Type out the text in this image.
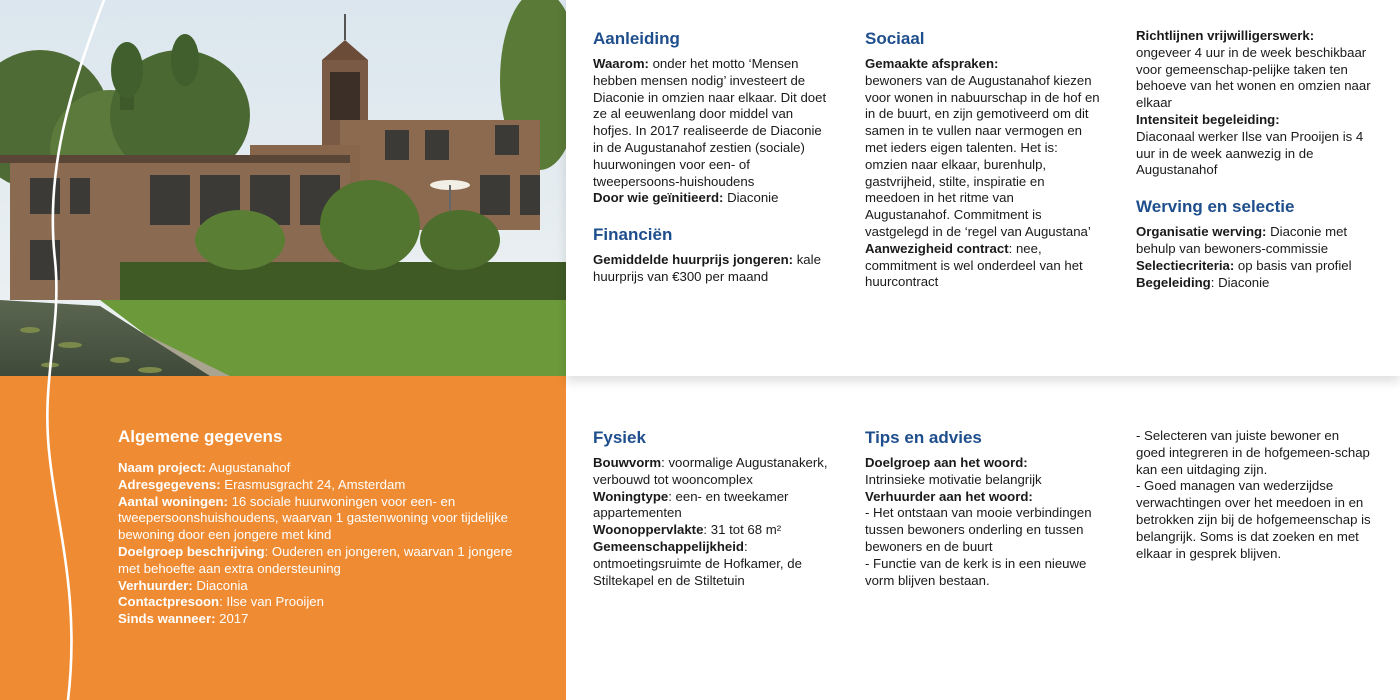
Algemene gegevens

Naam project: Augustanahof

Adresgegevens: Erasmusgracht 24, Amsterdam

Aantal woningen: 16 sociale huurwoningen voor een- en tweepersoonshuishoudens, waarvan 1 gastenwoning voor tijdelijke bewoning door een jongere met kind

Doelgroep beschrijving: Ouderen en jongeren, waarvan 1 jongere met behoefte aan extra ondersteuning

Verhuurder: Diaconia

Contactpresoon: Ilse van Prooijen

Sinds wanneer: 2017

Aanleiding

Waarom: onder het motto ‘Mensen hebben mensen nodig’ investeert de Diaconie in omzien naar elkaar. Dit doet ze al eeuwenlang door middel van hofjes. In 2017 realiseerde de Diaconie in de Augustanahof zestien (sociale) huurwoningen voor een- of tweepersoons-huishoudens

Door wie geïnitieerd: Diaconie

Financiën

Gemiddelde huurprijs jongeren: kale huurprijs van €300 per maand

Sociaal

Gemaakte afspraken:

bewoners van de Augustanahof kiezen voor wonen in nabuurschap in de hof en in de buurt, en zijn gemotiveerd om dit samen in te vullen naar vermogen en met ieders eigen talenten. Het is: omzien naar elkaar, burenhulp, gastvrijheid, stilte, inspiratie en meedoen in het ritme van Augustanahof. Commitment is vastgelegd in de ‘regel van Augustana’

Aanwezigheid contract: nee, commitment is wel onderdeel van het huurcontract

Richtlijnen vrijwilligerswerk:

ongeveer 4 uur in de week beschikbaar voor gemeenschap-pelijke taken ten behoeve van het wonen en omzien naar elkaar

Intensiteit begeleiding:

Diaconaal werker Ilse van Prooijen is 4 uur in de week aanwezig in de Augustanahof

Werving en selectie

Organisatie werving: Diaconie met behulp van bewoners-commissie

Selectiecriteria: op basis van profiel

Begeleiding: Diaconie

Fysiek

Bouwvorm: voormalige Augustanakerk, verbouwd tot wooncomplex

Woningtype: een- en tweekamer appartementen

Woonoppervlakte: 31 tot 68 m²

Gemeenschappelijkheid: ontmoetingsruimte de Hofkamer, de Stiltekapel en de Stiltetuin

Tips en advies

Doelgroep aan het woord:

Intrinsieke motivatie belangrijk

Verhuurder aan het woord:

- Het ontstaan van mooie verbindingen tussen bewoners onderling en tussen bewoners en de buurt

- Functie van de kerk is in een nieuwe vorm blijven bestaan.

- Selecteren van juiste bewoner en goed integreren in de hofgemeen-schap kan een uitdaging zijn.

- Goed managen van wederzijdse verwachtingen over het meedoen in en betrokken zijn bij de hofgemeenschap is belangrijk. Soms is dat zoeken en met elkaar in gesprek blijven.
